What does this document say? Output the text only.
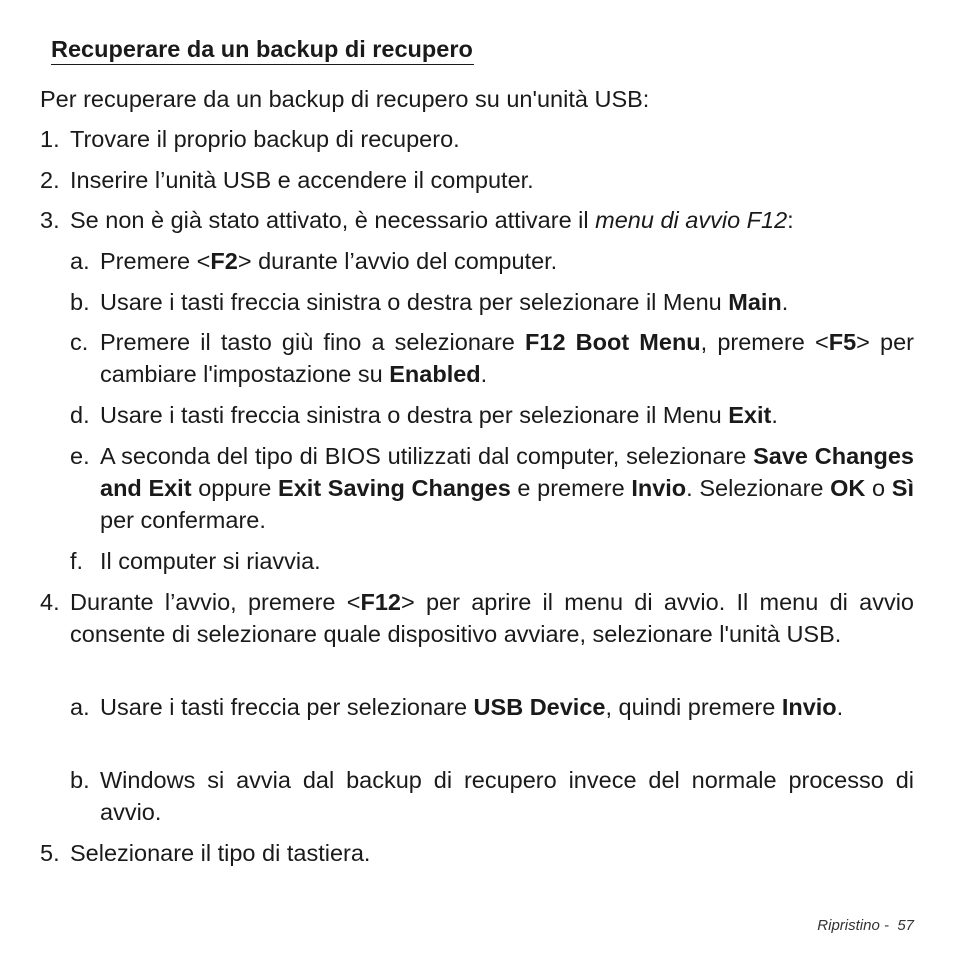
Recuperare da un backup di recupero
Per recuperare da un backup di recupero su un'unità USB:
1. Trovare il proprio backup di recupero.
2. Inserire l’unità USB e accendere il computer.
3. Se non è già stato attivato, è necessario attivare il menu di avvio F12:
a. Premere <F2> durante l’avvio del computer.
b. Usare i tasti freccia sinistra o destra per selezionare il Menu Main.
c. Premere il tasto giù fino a selezionare F12 Boot Menu, premere <F5> per cambiare l'impostazione su Enabled.
d. Usare i tasti freccia sinistra o destra per selezionare il Menu Exit.
e. A seconda del tipo di BIOS utilizzati dal computer, selezionare Save Changes and Exit oppure Exit Saving Changes e premere Invio. Selezionare OK o Sì per confermare.
f. Il computer si riavvia.
4. Durante l’avvio, premere <F12> per aprire il menu di avvio. Il menu di avvio consente di selezionare quale dispositivo avviare, selezionare l'unità USB.
a. Usare i tasti freccia per selezionare USB Device, quindi premere Invio.
b. Windows si avvia dal backup di recupero invece del normale processo di avvio.
5. Selezionare il tipo di tastiera.
Ripristino - 57
